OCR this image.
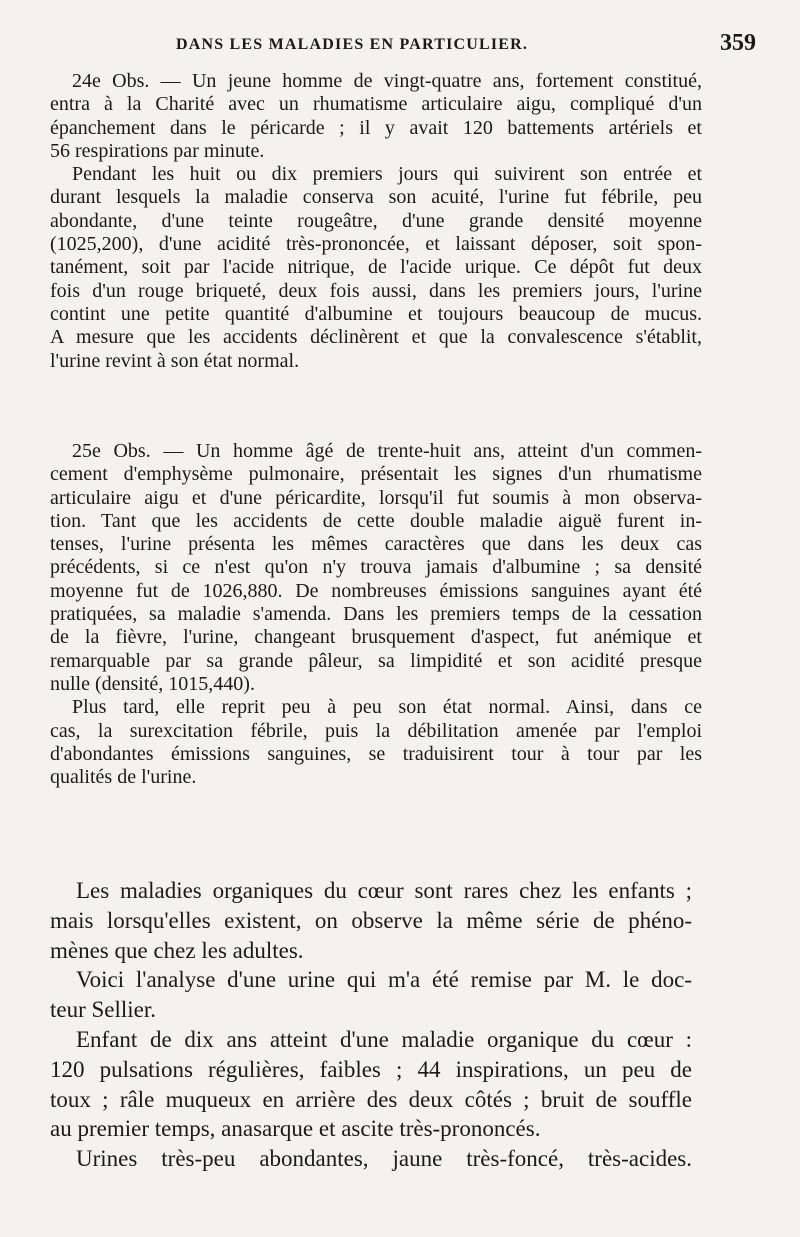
DANS LES MALADIES EN PARTICULIER.	359
24e Obs. — Un jeune homme de vingt-quatre ans, fortement constitué,
entra à la Charité avec un rhumatisme articulaire aigu, compliqué d'un
épanchement dans le péricarde ; il y avait 120 battements artériels et
56 respirations par minute.
Pendant les huit ou dix premiers jours qui suivirent son entrée et
durant lesquels la maladie conserva son acuité, l'urine fut fébrile, peu
abondante, d'une teinte rougeâtre, d'une grande densité moyenne
(1025,200), d'une acidité très-prononcée, et laissant déposer, soit spon-
tanément, soit par l'acide nitrique, de l'acide urique. Ce dépôt fut deux
fois d'un rouge briqueté, deux fois aussi, dans les premiers jours, l'urine
contint une petite quantité d'albumine et toujours beaucoup de mucus.
A mesure que les accidents déclinèrent et que la convalescence s'établit,
l'urine revint à son état normal.
25e Obs. — Un homme âgé de trente-huit ans, atteint d'un commen-
cement d'emphysème pulmonaire, présentait les signes d'un rhumatisme
articulaire aigu et d'une péricardite, lorsqu'il fut soumis à mon observa-
tion. Tant que les accidents de cette double maladie aiguë furent in-
tenses, l'urine présenta les mêmes caractères que dans les deux cas
précédents, si ce n'est qu'on n'y trouva jamais d'albumine ; sa densité
moyenne fut de 1026,880. De nombreuses émissions sanguines ayant été
pratiquées, sa maladie s'amenda. Dans les premiers temps de la cessation
de la fièvre, l'urine, changeant brusquement d'aspect, fut anémique et
remarquable par sa grande pâleur, sa limpidité et son acidité presque
nulle (densité, 1015,440).
Plus tard, elle reprit peu à peu son état normal. Ainsi, dans ce
cas, la surexcitation fébrile, puis la débilitation amenée par l'emploi
d'abondantes émissions sanguines, se traduisirent tour à tour par les
qualités de l'urine.
Les maladies organiques du cœur sont rares chez les enfants ;
mais lorsqu'elles existent, on observe la même série de phéno-
mènes que chez les adultes.
Voici l'analyse d'une urine qui m'a été remise par M. le doc-
teur Sellier.
Enfant de dix ans atteint d'une maladie organique du cœur :
120 pulsations régulières, faibles ; 44 inspirations, un peu de
toux ; râle muqueux en arrière des deux côtés ; bruit de souffle
au premier temps, anasarque et ascite très-prononcés.
Urines très-peu abondantes, jaune très-foncé, très-acides.
